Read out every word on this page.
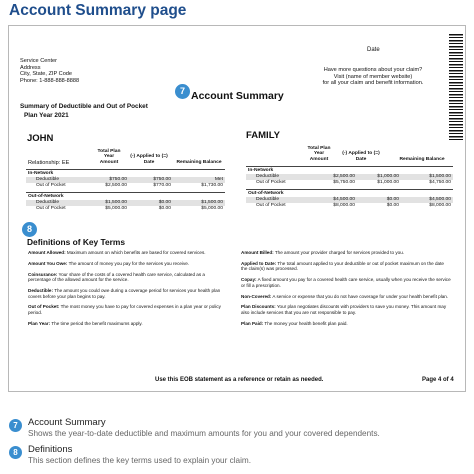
Account Summary page
Date
Service Center
Address
City, State, ZIP Code
Phone: 1-888-888-8888
Have more questions about your claim?
Visit (name of member website)
for all your claim and benefit information.
7 Account Summary
Summary of Deductible and Out of Pocket
Plan Year 2021
JOHN
Relationship: EE
Total Plan
Year
Amount
(-) Applied to (=)
Date	Remaining Balance
In-Network
Deductible	$750.00	$750.00	Met
Out of Pocket	$2,500.00	$770.00	$1,730.00
Out-of-Network
Deductible	$1,500.00	$0.00	$1,500.00
Out of Pocket	$5,000.00	$0.00	$5,000.00
FAMILY
Total Plan
Year
Amount
(-) Applied to (=)
Date	Remaining Balance
In-Network
Deductible	$2,500.00	$1,000.00	$1,500.00
Out of Pocket	$5,750.00	$1,000.00	$4,750.00
Out-of-Network
Deductible	$4,500.00	$0.00	$4,500.00
Out of Pocket	$8,000.00	$0.00	$8,000.00
8
Definitions of Key Terms
Amount Allowed: Maximum amount on which benefits are based for covered services.
Amount You Owe: The amount of money you pay for the services you receive.
Coinsurance: Your share of the costs of a covered health care service, calculated as a percentage of the allowed amount for the service.
Deductible: The amount you could owe during a coverage period for services your health plan covers before your plan begins to pay.
Out of Pocket: The most money you have to pay for covered expenses in a plan year or policy period.
Plan Year: The time period the benefit maximums apply.
Amount Billed: The amount your provider charged for services provided to you.
Applied to Date: The total amount applied to your deductible or out of pocket maximum on the date the claim(s) was processed.
Copay: A fixed amount you pay for a covered health care service, usually when you receive the service or fill a prescription.
Non-Covered: A service or expense that you do not have coverage for under your health benefit plan.
Plan Discounts: Your plan negotiates discounts with providers to save you money. This amount may also include services that you are not responsible to pay.
Plan Paid: The money your health benefit plan paid.
Use this EOB statement as a reference or retain as needed.	Page 4 of 4
7	Account Summary
Shows the year-to-date deductible and maximum amounts for you and your covered dependents.
8	Definitions
This section defines the key terms used to explain your claim.
